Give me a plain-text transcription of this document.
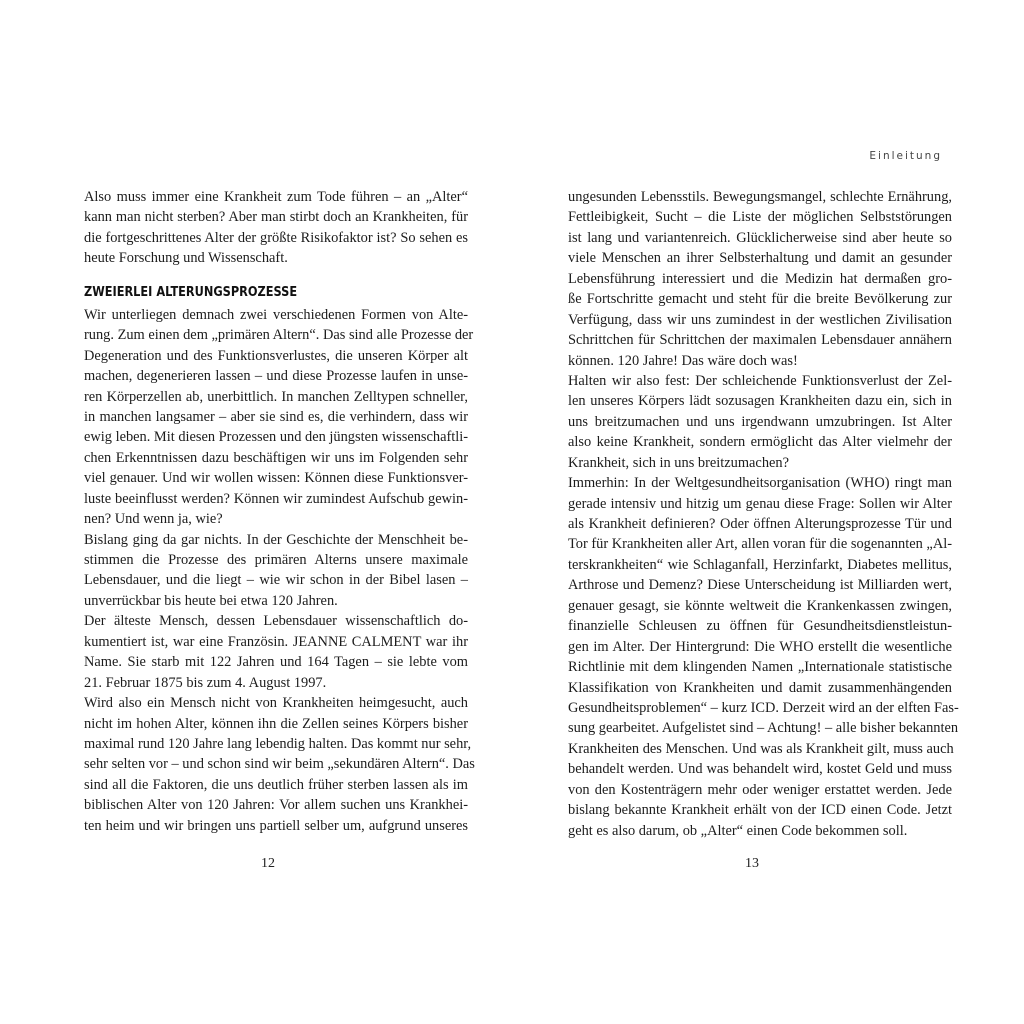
Einleitung
Also muss immer eine Krankheit zum Tode führen – an „Alter“
kann man nicht sterben? Aber man stirbt doch an Krankheiten, für
die fortgeschrittenes Alter der größte Risikofaktor ist? So sehen es
heute Forschung und Wissenschaft.
ZWEIERLEI ALTERUNGSPROZESSE
Wir unterliegen demnach zwei verschiedenen Formen von Alte-
rung. Zum einen dem „primären Altern“. Das sind alle Prozesse der
Degeneration und des Funktionsverlustes, die unseren Körper alt
machen, degenerieren lassen – und diese Prozesse laufen in unse-
ren Körperzellen ab, unerbittlich. In manchen Zelltypen schneller,
in manchen langsamer – aber sie sind es, die verhindern, dass wir
ewig leben. Mit diesen Prozessen und den jüngsten wissenschaftli-
chen Erkenntnissen dazu beschäftigen wir uns im Folgenden sehr
viel genauer. Und wir wollen wissen: Können diese Funktionsver-
luste beeinflusst werden? Können wir zumindest Aufschub gewin-
nen? Und wenn ja, wie?
Bislang ging da gar nichts. In der Geschichte der Menschheit be-
stimmen die Prozesse des primären Alterns unsere maximale
Lebensdauer, und die liegt – wie wir schon in der Bibel lasen –
unverrückbar bis heute bei etwa 120 Jahren.
Der älteste Mensch, dessen Lebensdauer wissenschaftlich do-
kumentiert ist, war eine Französin. JEANNE CALMENT war ihr
Name. Sie starb mit 122 Jahren und 164 Tagen – sie lebte vom
21. Februar 1875 bis zum 4. August 1997.
Wird also ein Mensch nicht von Krankheiten heimgesucht, auch
nicht im hohen Alter, können ihn die Zellen seines Körpers bisher
maximal rund 120 Jahre lang lebendig halten. Das kommt nur sehr,
sehr selten vor – und schon sind wir beim „sekundären Altern“. Das
sind all die Faktoren, die uns deutlich früher sterben lassen als im
biblischen Alter von 120 Jahren: Vor allem suchen uns Krankhei-
ten heim und wir bringen uns partiell selber um, aufgrund unseres
ungesunden Lebensstils. Bewegungsmangel, schlechte Ernährung,
Fettleibigkeit, Sucht – die Liste der möglichen Selbststörungen
ist lang und variantenreich. Glücklicherweise sind aber heute so
viele Menschen an ihrer Selbsterhaltung und damit an gesunder
Lebensführung interessiert und die Medizin hat dermaßen gro-
ße Fortschritte gemacht und steht für die breite Bevölkerung zur
Verfügung, dass wir uns zumindest in der westlichen Zivilisation
Schrittchen für Schrittchen der maximalen Lebensdauer annähern
können. 120 Jahre! Das wäre doch was!
Halten wir also fest: Der schleichende Funktionsverlust der Zel-
len unseres Körpers lädt sozusagen Krankheiten dazu ein, sich in
uns breitzumachen und uns irgendwann umzubringen. Ist Alter
also keine Krankheit, sondern ermöglicht das Alter vielmehr der
Krankheit, sich in uns breitzumachen?
Immerhin: In der Weltgesundheitsorganisation (WHO) ringt man
gerade intensiv und hitzig um genau diese Frage: Sollen wir Alter
als Krankheit definieren? Oder öffnen Alterungsprozesse Tür und
Tor für Krankheiten aller Art, allen voran für die sogenannten „Al-
terskrankheiten“ wie Schlaganfall, Herzinfarkt, Diabetes mellitus,
Arthrose und Demenz? Diese Unterscheidung ist Milliarden wert,
genauer gesagt, sie könnte weltweit die Krankenkassen zwingen,
finanzielle Schleusen zu öffnen für Gesundheitsdienstleistun-
gen im Alter. Der Hintergrund: Die WHO erstellt die wesentliche
Richtlinie mit dem klingenden Namen „Internationale statistische
Klassifikation von Krankheiten und damit zusammenhängenden
Gesundheitsproblemen“ – kurz ICD. Derzeit wird an der elften Fas-
sung gearbeitet. Aufgelistet sind – Achtung! – alle bisher bekannten
Krankheiten des Menschen. Und was als Krankheit gilt, muss auch
behandelt werden. Und was behandelt wird, kostet Geld und muss
von den Kostenträgern mehr oder weniger erstattet werden. Jede
bislang bekannte Krankheit erhält von der ICD einen Code. Jetzt
geht es also darum, ob „Alter“ einen Code bekommen soll.
12	13
